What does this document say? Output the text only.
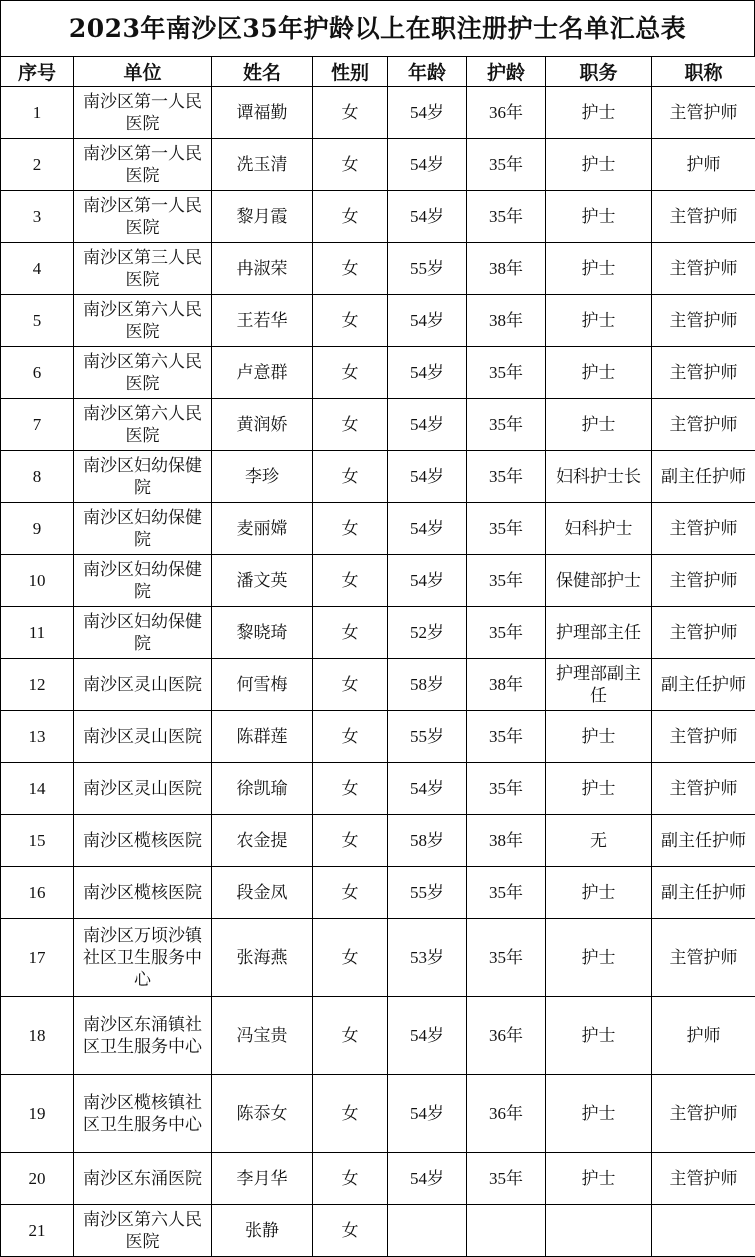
2023年南沙区35年护龄以上在职注册护士名单汇总表
序号	单位	姓名	性别	年龄	护龄	职务	职称
1	南沙区第一人民医院	谭福勤	女	54岁	36年	护士	主管护师
2	南沙区第一人民医院	冼玉清	女	54岁	35年	护士	护师
3	南沙区第一人民医院	黎月霞	女	54岁	35年	护士	主管护师
4	南沙区第三人民医院	冉淑荣	女	55岁	38年	护士	主管护师
5	南沙区第六人民医院	王若华	女	54岁	38年	护士	主管护师
6	南沙区第六人民医院	卢意群	女	54岁	35年	护士	主管护师
7	南沙区第六人民医院	黄润娇	女	54岁	35年	护士	主管护师
8	南沙区妇幼保健院	李珍	女	54岁	35年	妇科护士长	副主任护师
9	南沙区妇幼保健院	麦丽嫦	女	54岁	35年	妇科护士	主管护师
10	南沙区妇幼保健院	潘文英	女	54岁	35年	保健部护士	主管护师
11	南沙区妇幼保健院	黎晓琦	女	52岁	35年	护理部主任	主管护师
12	南沙区灵山医院	何雪梅	女	58岁	38年	护理部副主任	副主任护师
13	南沙区灵山医院	陈群莲	女	55岁	35年	护士	主管护师
14	南沙区灵山医院	徐凯瑜	女	54岁	35年	护士	主管护师
15	南沙区榄核医院	农金提	女	58岁	38年	无	副主任护师
16	南沙区榄核医院	段金凤	女	55岁	35年	护士	副主任护师
17	南沙区万顷沙镇社区卫生服务中心	张海燕	女	53岁	35年	护士	主管护师
18	南沙区东涌镇社区卫生服务中心	冯宝贵	女	54岁	36年	护士	护师
19	南沙区榄核镇社区卫生服务中心	陈忝女	女	54岁	36年	护士	主管护师
20	南沙区东涌医院	李月华	女	54岁	35年	护士	主管护师
21	南沙区第六人民医院	张静	女				
